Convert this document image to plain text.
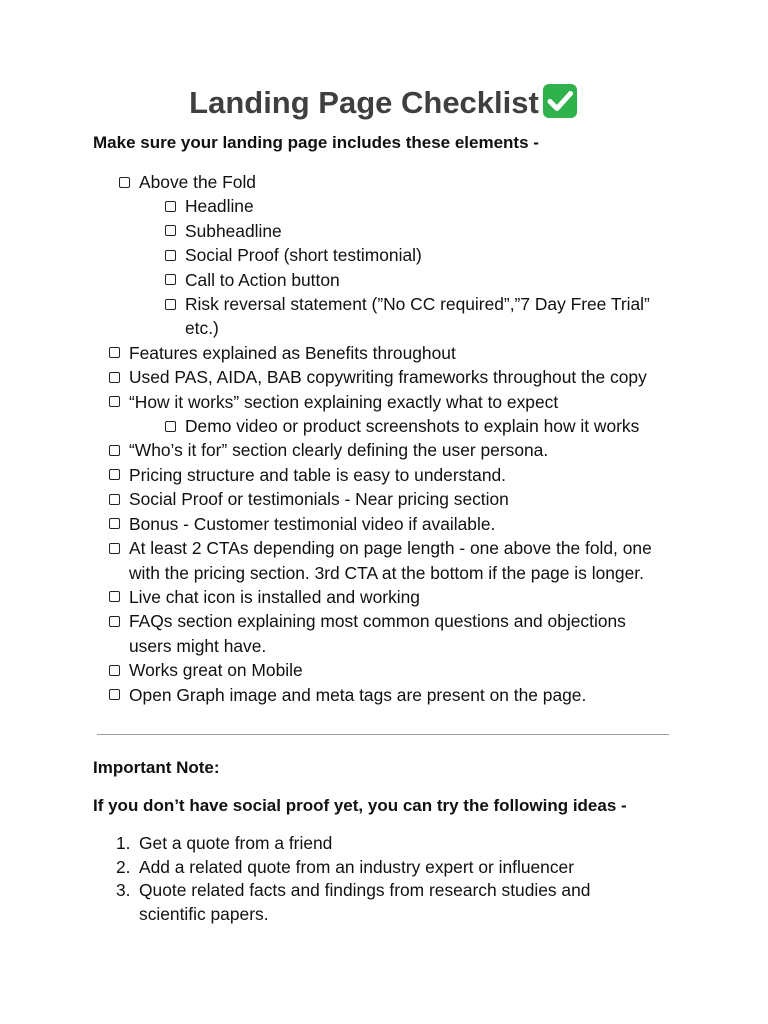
Landing Page Checklist
Make sure your landing page includes these elements -
Above the Fold
Headline
Subheadline
Social Proof (short testimonial)
Call to Action button
Risk reversal statement (”No CC required”,”7 Day Free Trial”
etc.)
Features explained as Benefits throughout
Used PAS, AIDA, BAB copywriting frameworks throughout the copy
“How it works” section explaining exactly what to expect
Demo video or product screenshots to explain how it works
“Who’s it for” section clearly defining the user persona.
Pricing structure and table is easy to understand.
Social Proof or testimonials - Near pricing section
Bonus - Customer testimonial video if available.
At least 2 CTAs depending on page length - one above the fold, one
with the pricing section. 3rd CTA at the bottom if the page is longer.
Live chat icon is installed and working
FAQs section explaining most common questions and objections
users might have.
Works great on Mobile
Open Graph image and meta tags are present on the page.
Important Note:
If you don’t have social proof yet, you can try the following ideas -
1. Get a quote from a friend
2. Add a related quote from an industry expert or influencer
3. Quote related facts and findings from research studies and
scientific papers.
